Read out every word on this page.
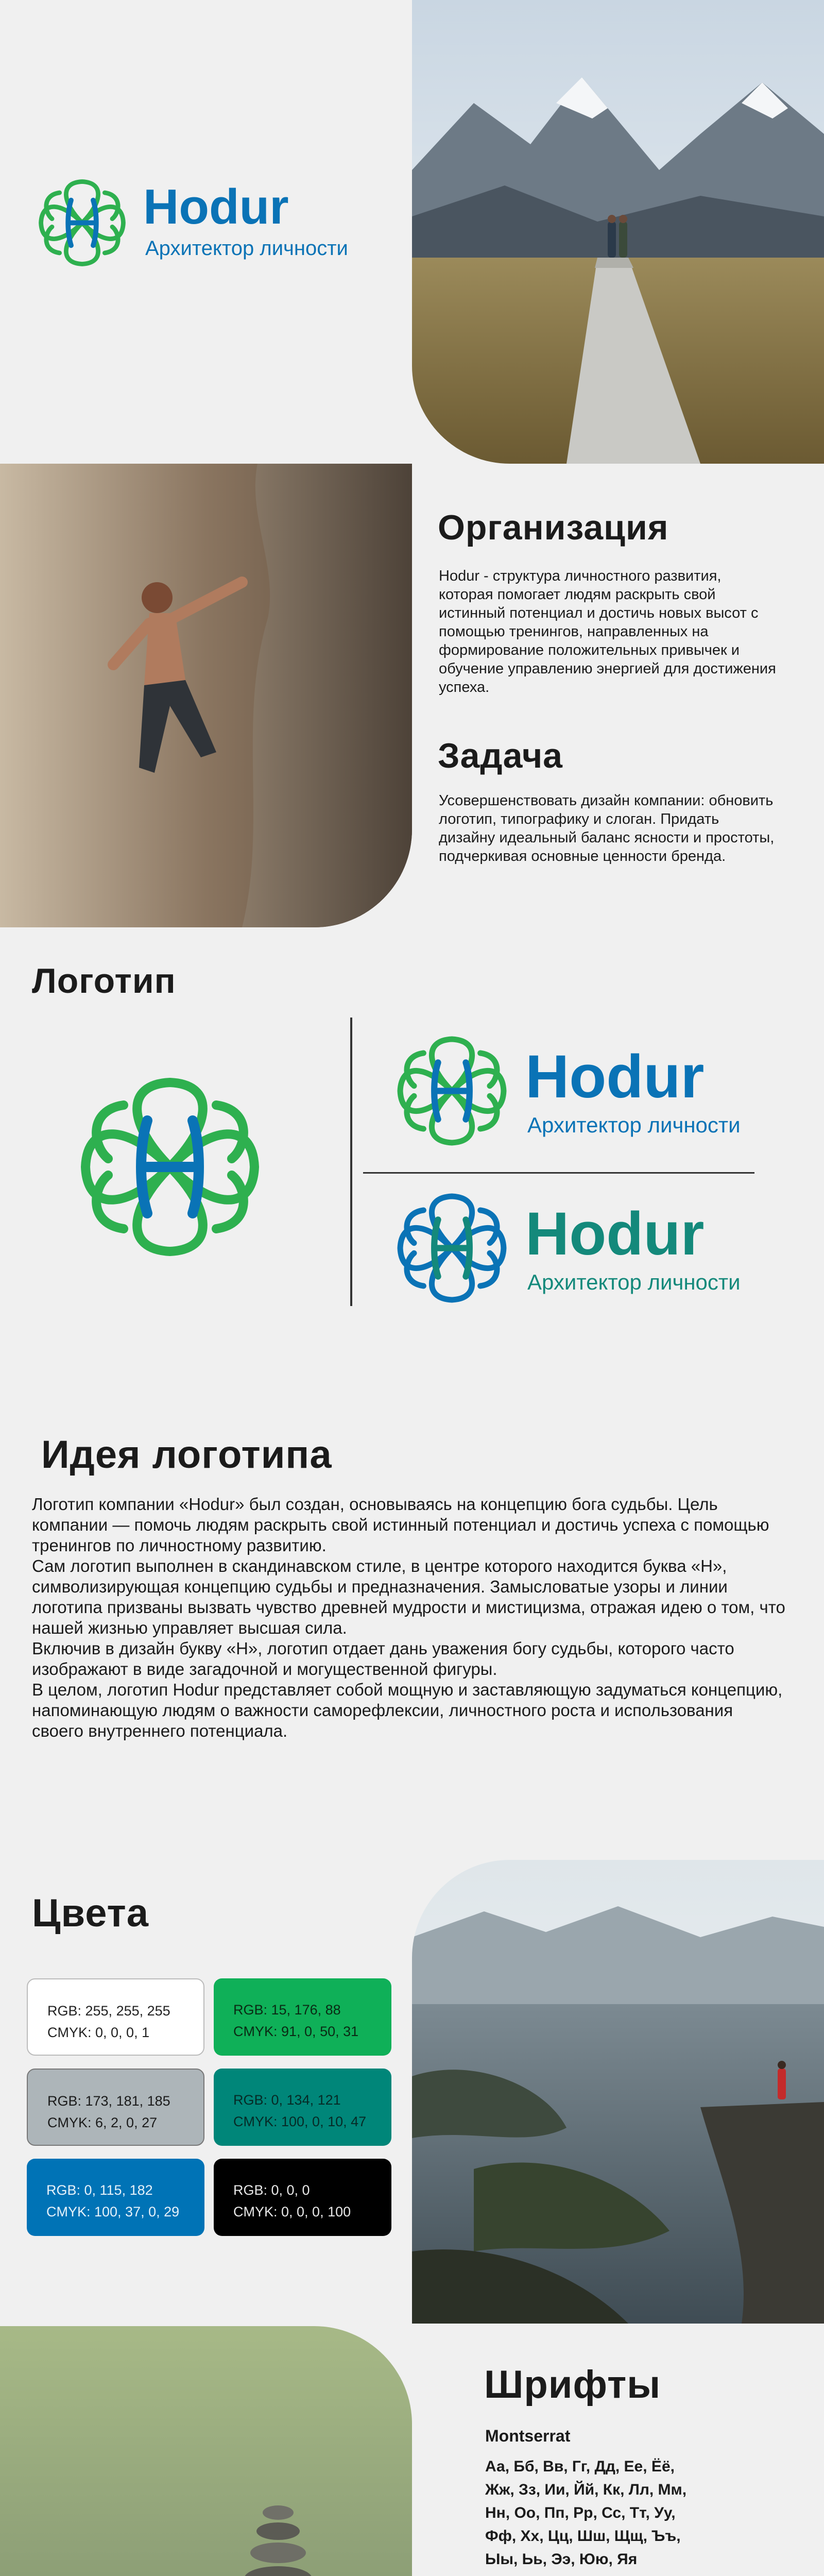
Hodur
Архитектор личности
Организация

Hodur - структура личностного развития, которая помогает людям раскрыть свой истинный потенциал и достичь новых высот с помощью тренингов, направленных на формирование положительных привычек и обучение управлению энергией для достижения успеха.

Задача

Усовершенствовать дизайн компании: обновить логотип, типографику и слоган. Придать дизайну идеальный баланс ясности и простоты, подчеркивая основные ценности бренда.

Логотип
Hodur
Архитектор личности
Hodur
Архитектор личности
Идея логотипа

Логотип компании «Hodur» был создан, основываясь на концепцию бога судьбы. Цель компании — помочь людям раскрыть свой истинный потенциал и достичь успеха с помощью тренингов по личностному развитию.

Сам логотип выполнен в скандинавском стиле, в центре которого находится буква «Н», символизирующая концепцию судьбы и предназначения. Замысловатые узоры и линии логотипа призваны вызвать чувство древней мудрости и мистицизма, отражая идею о том, что нашей жизнью управляет высшая сила.

Включив в дизайн букву «Н», логотип отдает дань уважения богу судьбы, которого часто изображают в виде загадочной и могущественной фигуры.

В целом, логотип Hodur представляет собой мощную и заставляющую задуматься концепцию, напоминающую людям о важности саморефлексии, личностного роста и использования своего внутреннего потенциала.

Цвета
RGB: 255, 255, 255
CMYK: 0, 0, 0, 1
RGB: 15, 176, 88
CMYK: 91, 0, 50, 31
RGB: 173, 181, 185
CMYK: 6, 2, 0, 27
RGB: 0, 134, 121
CMYK: 100, 0, 10, 47
RGB: 0, 115, 182
CMYK: 100, 37, 0, 29
RGB: 0, 0, 0
CMYK: 0, 0, 0, 100
Шрифты
Montserrat

Аа, Бб, Вв, Гг, Дд, Ее, Ёё,

Жж, Зз, Ии, Йй, Кк, Лл, Мм,

Нн, Оо, Пп, Рр, Сс, Тт, Уу,

Фф, Хх, Цц, Шш, Щщ, Ъъ,

Ыы, Ьь, Ээ, Юю, Яя
